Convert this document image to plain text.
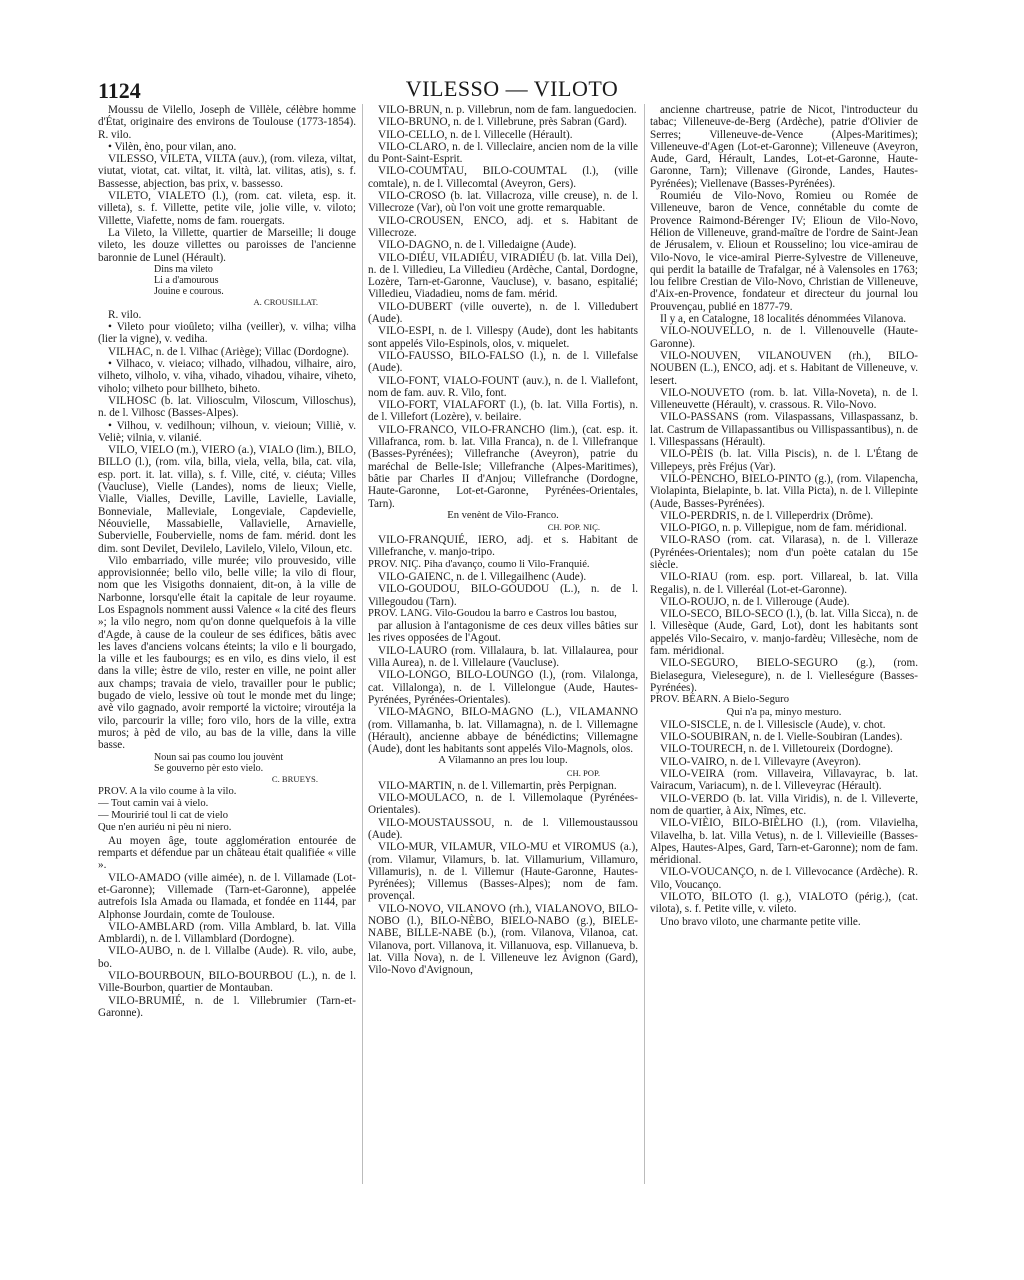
1124	VILESSO — VILOTO

Moussu de Vilello, Joseph de Villèle, célèbre homme d'État, originaire des environs de Toulouse (1773-1854). R. vilo.

• Vilèn, èno, pour vilan, ano.

VILESSO, VILETA, VILTA (auv.), (rom. vileza, viltat, viutat, viotat, cat. viltat, it. viltà, lat. vilitas, atis), s. f. Bassesse, abjection, bas prix, v. bassesso.

VILETO, VIALETO (l.), (rom. cat. vileta, esp. it. villeta), s. f. Villette, petite vile, jolie ville, v. viloto; Villette, Viafette, noms de fam. rouergats.

La Vileto, la Villette, quartier de Marseille; li douge vileto, les douze villettes ou paroisses de l'ancienne baronnie de Lunel (Hérault).

Dins ma vileto

Li a d'amourous

Jouine e courous.

A. CROUSILLAT.

R. vilo.

• Vileto pour vioûleto; vilha (veiller), v. vilha; vilha (lier la vigne), v. vediha.

VILHAC, n. de l. Vilhac (Ariège); Villac (Dordogne).

• Vilhaco, v. vieiaco; vilhado, vilhadou, vilhaire, airo, vilheto, vilholo, v. viha, vihado, vihadou, vihaire, viheto, viholo; vilheto pour billheto, biheto.

VILHOSC (b. lat. Viliosculm, Viloscum, Villoschus), n. de l. Vilhosc (Basses-Alpes).

• Vilhou, v. vedilhoun; vilhoun, v. vieioun; Villiè, v. Veliè; vilnia, v. vilanié.

VILO, VIELO (m.), VIERO (a.), VIALO (lim.), BILO, BILLO (l.), (rom. vila, billa, viela, vella, bila, cat. vila, esp. port. it. lat. villa), s. f. Ville, cité, v. ciéuta; Villes (Vaucluse), Vielle (Landes), noms de lieux; Vielle, Vialle, Vialles, Deville, Laville, Lavielle, Lavialle, Bonneviale, Malleviale, Longeviale, Capdevielle, Néouvielle, Massabielle, Vallavielle, Arnavielle, Subervielle, Foubervielle, noms de fam. mérid. dont les dim. sont Devilet, Devilelo, Lavilelo, Vilelo, Viloun, etc.

Vilo embarriado, ville murée; vilo prouvesido, ville approvisionnée; bello vilo, belle ville; la vilo di flour, nom que les Visigoths donnaient, dit-on, à la ville de Narbonne, lorsqu'elle était la capitale de leur royaume. Los Espagnols nomment aussi Valence « la cité des fleurs »; la vilo negro, nom qu'on donne quelquefois à la ville d'Agde, à cause de la couleur de ses édifices, bâtis avec les laves d'anciens volcans éteints; la vilo e li bourgado, la ville et les faubourgs; es en vilo, es dins vielo, il est dans la ville; èstre de vilo, rester en ville, ne point aller aux champs; travaia de vielo, travailler pour le public; bugado de vielo, lessive où tout le monde met du linge; avè vilo gagnado, avoir remporté la victoire; viroutéja la vilo, parcourir la ville; foro vilo, hors de la ville, extra muros; à pèd de vilo, au bas de la ville, dans la ville basse.

Noun sai pas coumo lou jouvènt

Se gouverno pèr esto vielo.

C. BRUEYS.

PROV. A la vilo coume à la vilo.

— Tout camin vai à vielo.

— Mouririé toul li cat de vielo

Que n'en auriéu ni pèu ni niero.

Au moyen âge, toute agglomération entourée de remparts et défendue par un château était qualifiée « ville ».

VILO-AMADO (ville aimée), n. de l. Villamade (Lot-et-Garonne); Villemade (Tarn-et-Garonne), appelée autrefois Isla Amada ou Ilamada, et fondée en 1144, par Alphonse Jourdain, comte de Toulouse.

VILO-AMBLARD (rom. Villa Amblard, b. lat. Villa Amblardi), n. de l. Villamblard (Dordogne).

VILO-AUBO, n. de l. Villalbe (Aude). R. vilo, aube, bo.

VILO-BOURBOUN, BILO-BOURBOU (L.), n. de l. Ville-Bourbon, quartier de Montauban.

VILO-BRUMIÉ, n. de l. Villebrumier (Tarn-et-Garonne).

VILO-BRUN, n. p. Villebrun, nom de fam. languedocien.

VILO-BRUNO, n. de l. Villebrune, près Sabran (Gard).

VILO-CELLO, n. de l. Villecelle (Hérault).

VILO-CLARO, n. de l. Villeclaire, ancien nom de la ville du Pont-Saint-Esprit.

VILO-COUMTAU, BILO-COUMTAL (l.), (ville comtale), n. de l. Villecomtal (Aveyron, Gers).

VILO-CROSO (b. lat. Villacroza, ville creuse), n. de l. Villecroze (Var), où l'on voit une grotte remarquable.

VILO-CROUSEN, ENCO, adj. et s. Habitant de Villecroze.

VILO-DAGNO, n. de l. Villedaigne (Aude).

VILO-DIÉU, VILADIÉU, VIRADIÉU (b. lat. Villa Dei), n. de l. Villedieu, La Villedieu (Ardèche, Cantal, Dordogne, Lozère, Tarn-et-Garonne, Vaucluse), v. basano, espitalié; Villedieu, Viadadieu, noms de fam. mérid.

VILO-DUBERT (ville ouverte), n. de l. Villedubert (Aude).

VILO-ESPI, n. de l. Villespy (Aude), dont les habitants sont appelés Vilo-Espinols, olos, v. miquelet.

VILO-FAUSSO, BILO-FALSO (l.), n. de l. Villefalse (Aude).

VILO-FONT, VIALO-FOUNT (auv.), n. de l. Viallefont, nom de fam. auv. R. Vilo, font.

VILO-FORT, VIALAFORT (l.), (b. lat. Villa Fortis), n. de l. Villefort (Lozère), v. beilaire.

VILO-FRANCO, VILO-FRANCHO (lim.), (cat. esp. it. Villafranca, rom. b. lat. Villa Franca), n. de l. Villefranque (Basses-Pyrénées); Villefranche (Aveyron), patrie du maréchal de Belle-Isle; Villefranche (Alpes-Maritimes), bâtie par Charles II d'Anjou; Villefranche (Dordogne, Haute-Garonne, Lot-et-Garonne, Pyrénées-Orientales, Tarn).

En venènt de Vilo-Franco.

CH. POP. NIÇ.

VILO-FRANQUIÉ, IERO, adj. et s. Habitant de Villefranche, v. manjo-tripo.

PROV. NIÇ. Piha d'avanço, coumo li Vilo-Franquié.

VILO-GAIENC, n. de l. Villegailhenc (Aude).

VILO-GOUDOU, BILO-GOUDOU (L.), n. de l. Villegoudou (Tarn).

PROV. LANG. Vilo-Goudou la barro e Castros lou bastou,

par allusion à l'antagonisme de ces deux villes bâties sur les rives opposées de l'Agout.

VILO-LAURO (rom. Villalaura, b. lat. Villalaurea, pour Villa Aurea), n. de l. Villelaure (Vaucluse).

VILO-LONGO, BILO-LOUNGO (l.), (rom. Vilalonga, cat. Villalonga), n. de l. Villelongue (Aude, Hautes-Pyrénées, Pyrénées-Orientales).

VILO-MAGNO, BILO-MAGNO (L.), VILAMANNO (rom. Villamanha, b. lat. Villamagna), n. de l. Villemagne (Hérault), ancienne abbaye de bénédictins; Villemagne (Aude), dont les habitants sont appelés Vilo-Magnols, olos.

A Vilamanno an pres lou loup.

CH. POP.

VILO-MARTIN, n. de l. Villemartin, près Perpignan.

VILO-MOULACO, n. de l. Villemolaque (Pyrénées-Orientales).

VILO-MOUSTAUSSOU, n. de l. Villemoustaussou (Aude).

VILO-MUR, VILAMUR, VILO-MU et VIROMUS (a.), (rom. Vilamur, Vilamurs, b. lat. Villamurium, Villamuro, Villamuris), n. de l. Villemur (Haute-Garonne, Hautes-Pyrénées); Villemus (Basses-Alpes); nom de fam. provençal.

VILO-NOVO, VILANOVO (rh.), VIALANOVO, BILO-NOBO (l.), BILO-NÈBO, BIELO-NABO (g.), BIELE-NABE, BILLE-NABE (b.), (rom. Vilanova, Vilanoa, cat. Vilanova, port. Villanova, it. Villanuova, esp. Villanueva, b. lat. Villa Nova), n. de l. Villeneuve lez Avignon (Gard), Vilo-Novo d'Avignoun,

ancienne chartreuse, patrie de Nicot, l'introducteur du tabac; Villeneuve-de-Berg (Ardèche), patrie d'Olivier de Serres; Villeneuve-de-Vence (Alpes-Maritimes); Villeneuve-d'Agen (Lot-et-Garonne); Villeneuve (Aveyron, Aude, Gard, Hérault, Landes, Lot-et-Garonne, Haute-Garonne, Tarn); Villenave (Gironde, Landes, Hautes-Pyrénées); Viellenave (Basses-Pyrénées).

Roumiéu de Vilo-Novo, Romieu ou Romée de Villeneuve, baron de Vence, connétable du comte de Provence Raimond-Bérenger IV; Elioun de Vilo-Novo, Hélion de Villeneuve, grand-maître de l'ordre de Saint-Jean de Jérusalem, v. Elioun et Rousselino; lou vice-amirau de Vilo-Novo, le vice-amiral Pierre-Sylvestre de Villeneuve, qui perdit la bataille de Trafalgar, né à Valensoles en 1763; lou felibre Crestian de Vilo-Novo, Christian de Villeneuve, d'Aix-en-Provence, fondateur et directeur du journal lou Prouvençau, publié en 1877-79.

Il y a, en Catalogne, 18 localités dénommées Vilanova.

VILO-NOUVELLO, n. de l. Villenouvelle (Haute-Garonne).

VILO-NOUVEN, VILANOUVEN (rh.), BILO-NOUBEN (L.), ENCO, adj. et s. Habitant de Villeneuve, v. lesert.

VILO-NOUVETO (rom. b. lat. Villa-Noveta), n. de l. Villeneuvette (Hérault), v. crassous. R. Vilo-Novo.

VILO-PASSANS (rom. Vilaspassans, Villaspassanz, b. lat. Castrum de Villapassantibus ou Villispassantibus), n. de l. Villespassans (Hérault).

VILO-PÈIS (b. lat. Villa Piscis), n. de l. L'Étang de Villepeys, près Fréjus (Var).

VILO-PENCHO, BIELO-PINTO (g.), (rom. Vilapencha, Violapinta, Bielapinte, b. lat. Villa Picta), n. de l. Villepinte (Aude, Basses-Pyrénées).

VILO-PERDRIS, n. de l. Villeperdrix (Drôme).

VILO-PIGO, n. p. Villepigue, nom de fam. méridional.

VILO-RASO (rom. cat. Vilarasa), n. de l. Villeraze (Pyrénées-Orientales); nom d'un poète catalan du 15e siècle.

VILO-RIAU (rom. esp. port. Villareal, b. lat. Villa Regalis), n. de l. Villeréal (Lot-et-Garonne).

VILO-ROUJO, n. de l. Villerouge (Aude).

VILO-SECO, BILO-SECO (l.), (b. lat. Villa Sicca), n. de l. Villesèque (Aude, Gard, Lot), dont les habitants sont appelés Vilo-Secairo, v. manjo-fardèu; Villesèche, nom de fam. méridional.

VILO-SEGURO, BIELO-SEGURO (g.), (rom. Bielasegura, Vielesegure), n. de l. Vielleségure (Basses-Pyrénées).

PROV. BÉARN. A Bielo-Seguro

Qui n'a pa, minyo mesturo.

VILO-SISCLE, n. de l. Villesiscle (Aude), v. chot.

VILO-SOUBIRAN, n. de l. Vielle-Soubiran (Landes).

VILO-TOURECH, n. de l. Villetoureix (Dordogne).

VILO-VAIRO, n. de l. Villevayre (Aveyron).

VILO-VEIRA (rom. Villaveira, Villavayrac, b. lat. Vairacum, Variacum), n. de l. Villeveyrac (Hérault).

VILO-VERDO (b. lat. Villa Viridis), n. de l. Villeverte, nom de quartier, à Aix, Nîmes, etc.

VILO-VIÈIO, BILO-BIÈLHO (l.), (rom. Vilavielha, Vilavelha, b. lat. Villa Vetus), n. de l. Villevieille (Basses-Alpes, Hautes-Alpes, Gard, Tarn-et-Garonne); nom de fam. méridional.

VILO-VOUCANÇO, n. de l. Villevocance (Ardèche). R. Vilo, Voucanço.

VILOTO, BILOTO (l. g.), VIALOTO (périg.), (cat. vilota), s. f. Petite ville, v. vileto.

Uno bravo viloto, une charmante petite ville.
